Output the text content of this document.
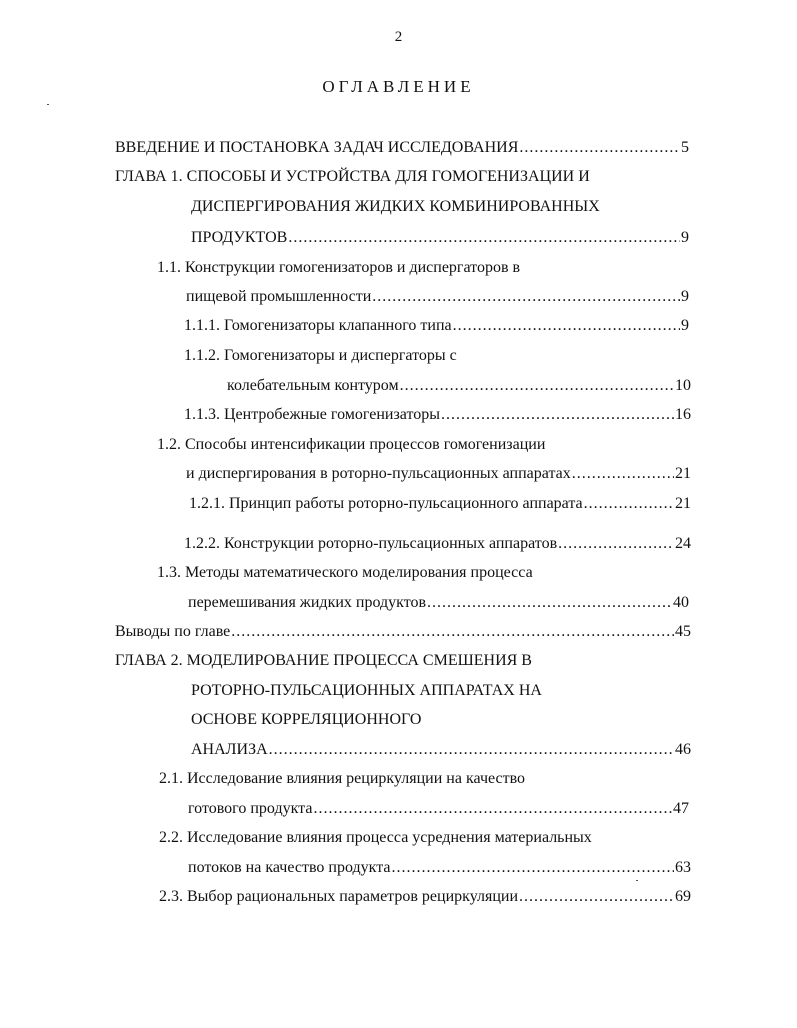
2
ОГЛАВЛЕНИЕ
ВВЕДЕНИЕ И ПОСТАНОВКА ЗАДАЧ ИССЛЕДОВАНИЯ .....	5
ГЛАВА 1. СПОСОБЫ И УСТРОЙСТВА ДЛЯ ГОМОГЕНИЗАЦИИ И
ДИСПЕРГИРОВАНИЯ ЖИДКИХ КОМБИНИРОВАННЫХ
ПРОДУКТОВ .....	9
1.1. Конструкции гомогенизаторов и диспергаторов в
пищевой промышленности .....	9
1.1.1. Гомогенизаторы клапанного типа .....	9
1.1.2. Гомогенизаторы и диспергаторы с
колебательным контуром .....	10
1.1.3. Центробежные гомогенизаторы .....	16
1.2. Способы интенсификации процессов гомогенизации
и диспергирования в роторно-пульсационных аппаратах .....	21
1.2.1. Принцип работы роторно-пульсационного аппарата .....	21
1.2.2. Конструкции роторно-пульсационных аппаратов .....	24
1.3. Методы математического моделирования процесса
перемешивания жидких продуктов .....	40
Выводы по главе .....	45
ГЛАВА 2. МОДЕЛИРОВАНИЕ ПРОЦЕССА СМЕШЕНИЯ В
РОТОРНО-ПУЛЬСАЦИОННЫХ АППАРАТАХ НА
ОСНОВЕ КОРРЕЛЯЦИОННОГО
АНАЛИЗА .....	46
2.1. Исследование влияния рециркуляции на качество
готового продукта .....	47
2.2. Исследование влияния процесса усреднения материальных
потоков на качество продукта .....	63
2.3. Выбор рациональных параметров рециркуляции .....	69
